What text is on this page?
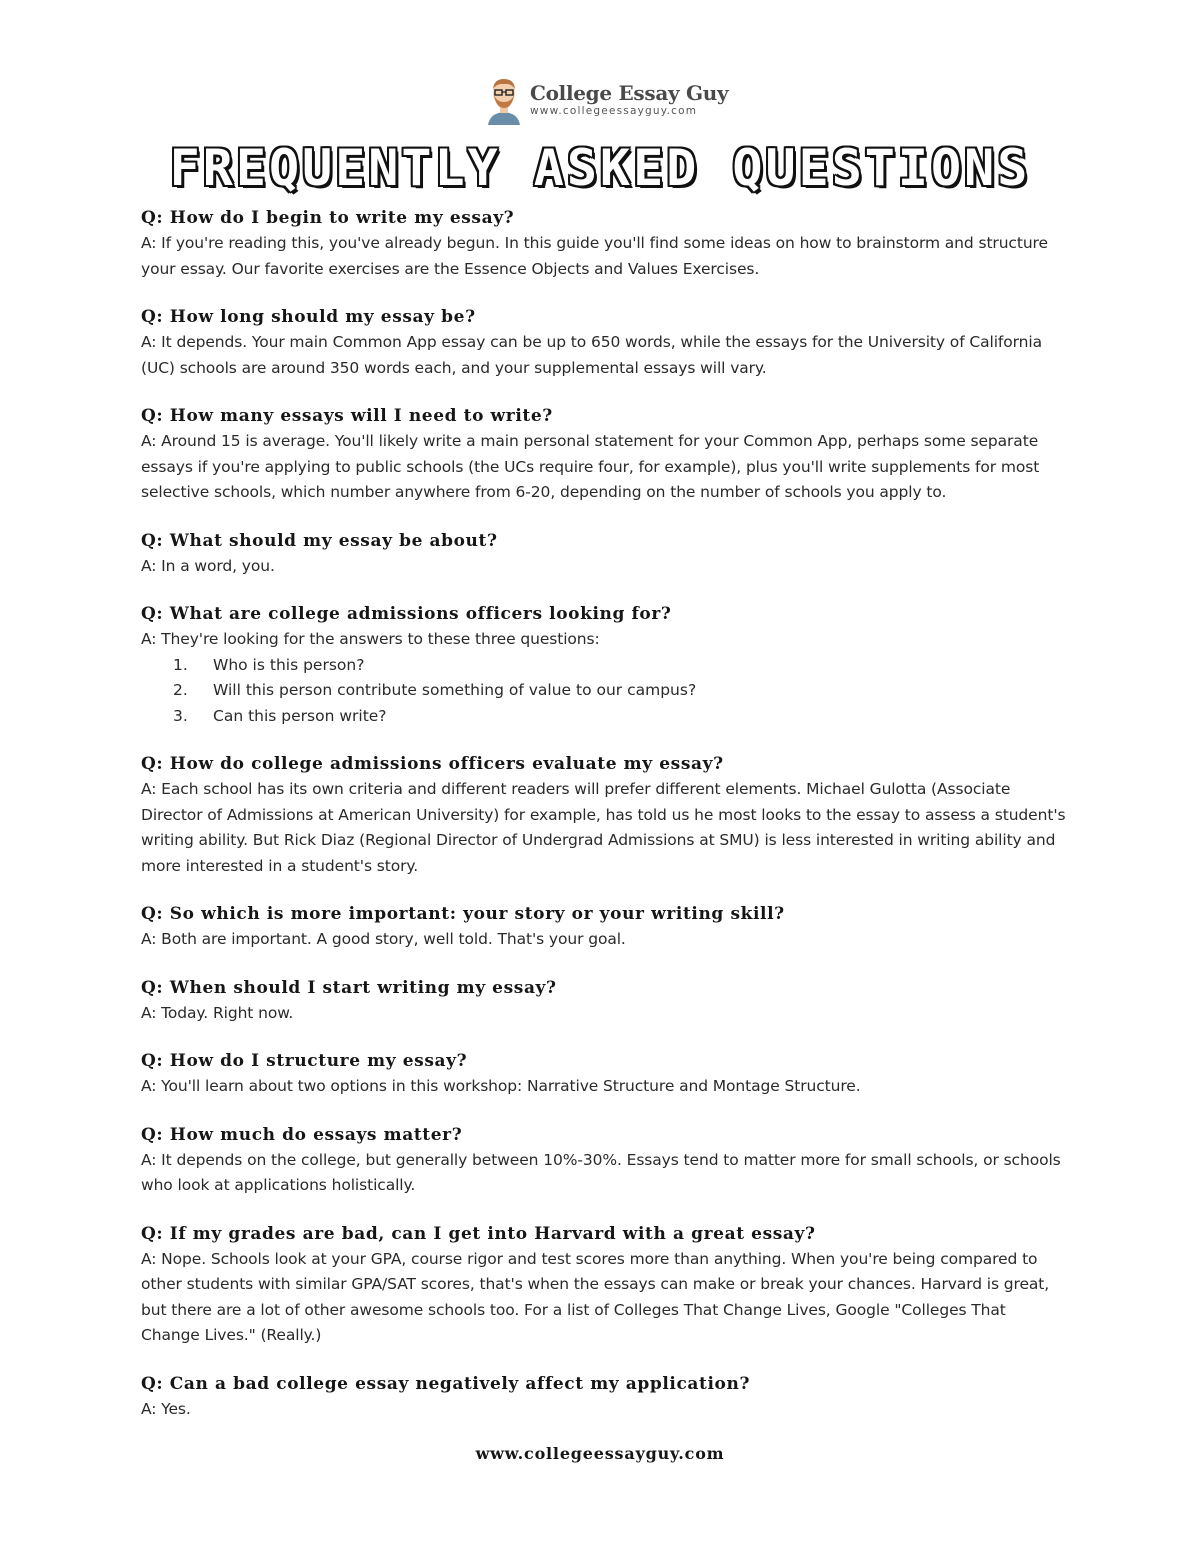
College Essay Guy
www.collegeessayguy.com
FREQUENTLY ASKED QUESTIONS
Q: How do I begin to write my essay?
A: If you're reading this, you've already begun. In this guide you'll find some ideas on how to brainstorm and structure your essay. Our favorite exercises are the Essence Objects and Values Exercises.
Q: How long should my essay be?
A: It depends. Your main Common App essay can be up to 650 words, while the essays for the University of California (UC) schools are around 350 words each, and your supplemental essays will vary.
Q: How many essays will I need to write?
A: Around 15 is average. You'll likely write a main personal statement for your Common App, perhaps some separate essays if you're applying to public schools (the UCs require four, for example), plus you'll write supplements for most selective schools, which number anywhere from 6-20, depending on the number of schools you apply to.
Q: What should my essay be about?
A: In a word, you.
Q: What are college admissions officers looking for?
A: They're looking for the answers to these three questions:
1.	Who is this person?
2.	Will this person contribute something of value to our campus?
3.	Can this person write?
Q: How do college admissions officers evaluate my essay?
A: Each school has its own criteria and different readers will prefer different elements. Michael Gulotta (Associate Director of Admissions at American University) for example, has told us he most looks to the essay to assess a student's writing ability. But Rick Diaz (Regional Director of Undergrad Admissions at SMU) is less interested in writing ability and more interested in a student's story.
Q: So which is more important: your story or your writing skill?
A: Both are important. A good story, well told. That's your goal.
Q: When should I start writing my essay?
A: Today. Right now.
Q: How do I structure my essay?
A: You'll learn about two options in this workshop: Narrative Structure and Montage Structure.
Q: How much do essays matter?
A: It depends on the college, but generally between 10%-30%. Essays tend to matter more for small schools, or schools who look at applications holistically.
Q: If my grades are bad, can I get into Harvard with a great essay?
A: Nope. Schools look at your GPA, course rigor and test scores more than anything. When you're being compared to other students with similar GPA/SAT scores, that's when the essays can make or break your chances. Harvard is great, but there are a lot of other awesome schools too. For a list of Colleges That Change Lives, Google "Colleges That Change Lives." (Really.)
Q: Can a bad college essay negatively affect my application?
A: Yes.
www.collegeessayguy.com
